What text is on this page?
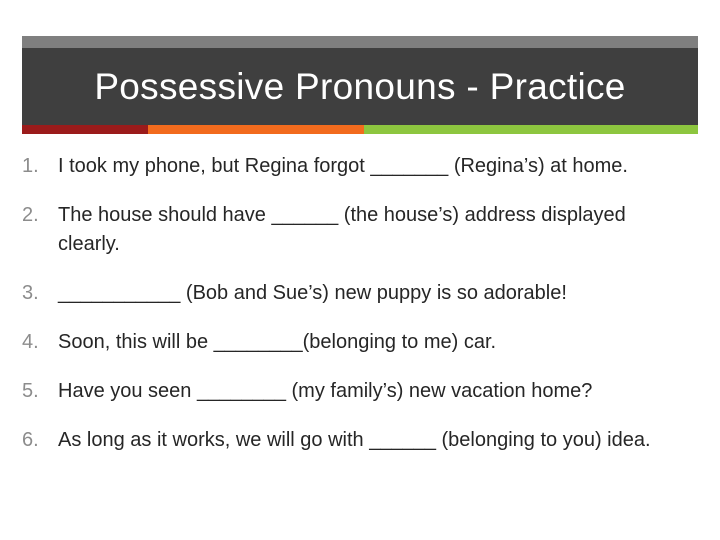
Possessive Pronouns - Practice
1. I took my phone, but Regina forgot _______ (Regina’s) at home.
2. The house should have ______ (the house’s) address displayed clearly.
3. ___________ (Bob and Sue’s) new puppy is so adorable!
4. Soon, this will be ________(belonging to me) car.
5. Have you seen ________ (my family’s) new vacation home?
6. As long as it works, we will go with ______ (belonging to you) idea.
